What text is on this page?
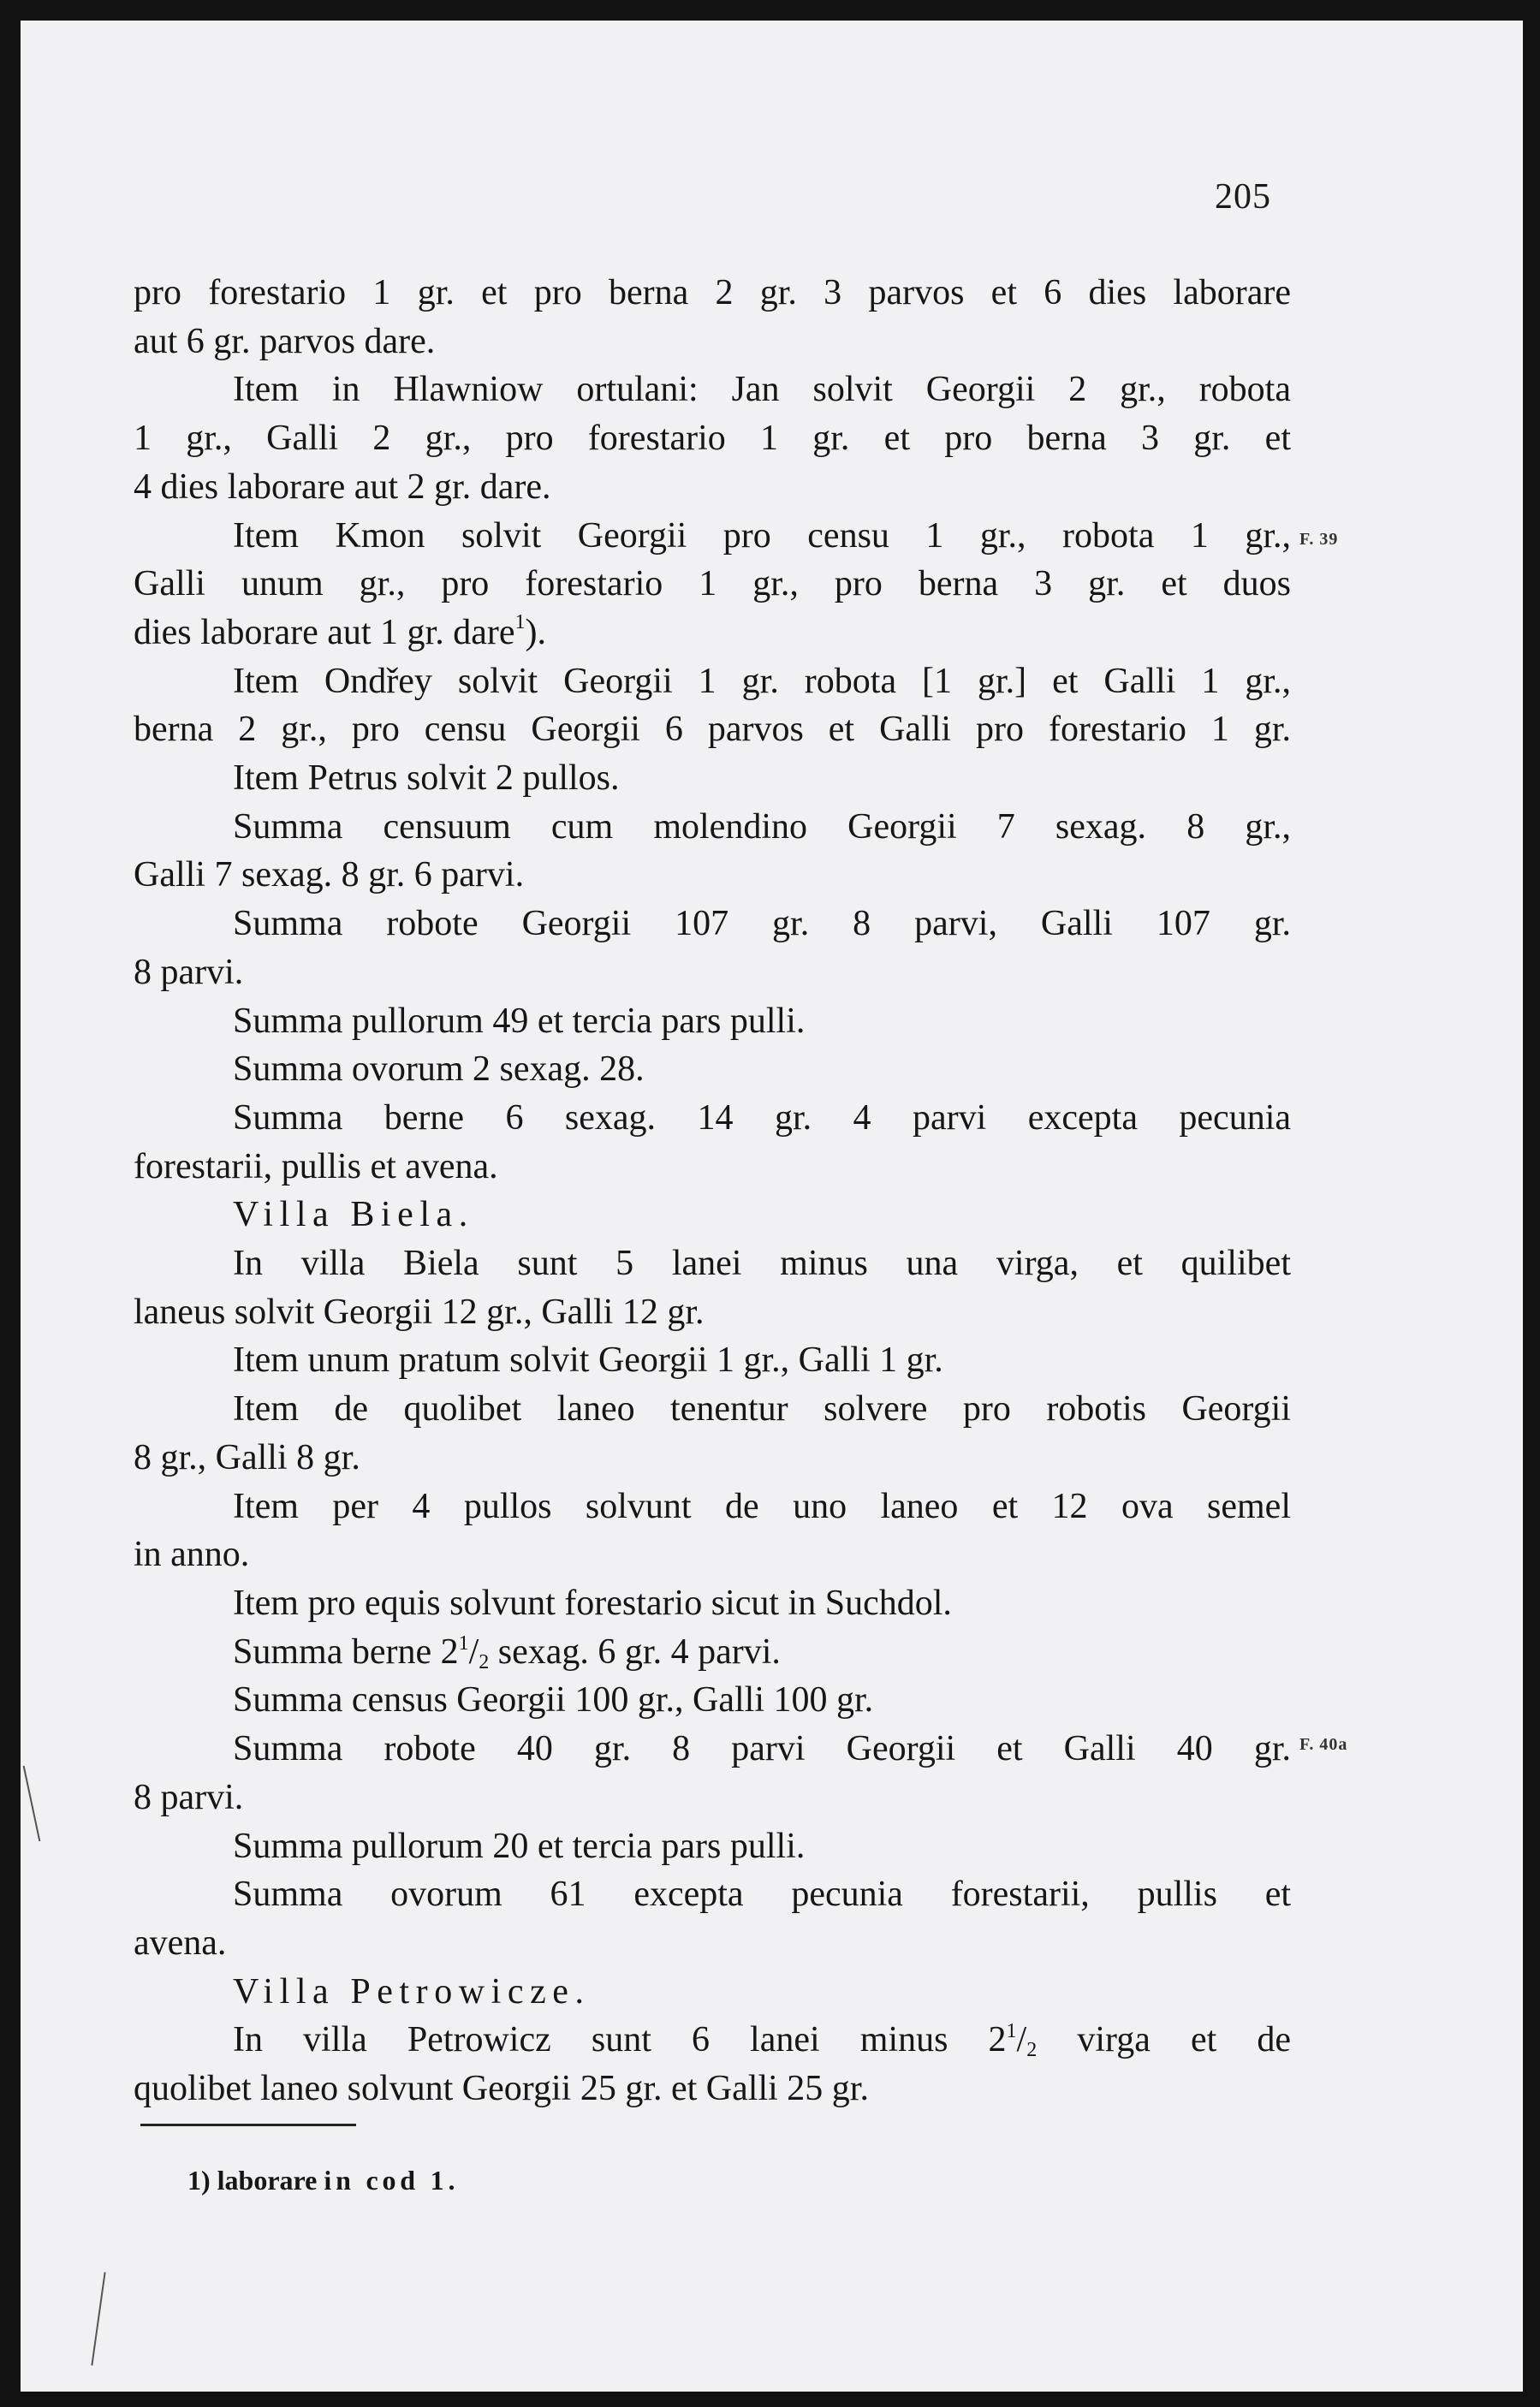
205

pro forestario 1 gr. et pro berna 2 gr. 3 parvos et 6 dies laborare

aut 6 gr. parvos dare.

Item in Hlawniow ortulani: Jan solvit Georgii 2 gr., robota

1 gr., Galli 2 gr., pro forestario 1 gr. et pro berna 3 gr. et

4 dies laborare aut 2 gr. dare.

Item Kmon solvit Georgii pro censu 1 gr., robota 1 gr.,

Galli unum gr., pro forestario 1 gr., pro berna 3 gr. et duos

dies laborare aut 1 gr. dare$^1$).

Item Ondřey solvit Georgii 1 gr. robota [1 gr.] et Galli 1 gr.,

berna 2 gr., pro censu Georgii 6 parvos et Galli pro forestario 1 gr.

Item Petrus solvit 2 pullos.

Summa censuum cum molendino Georgii 7 sexag. 8 gr.,

Galli 7 sexag. 8 gr. 6 parvi.

Summa robote Georgii 107 gr. 8 parvi, Galli 107 gr.

8 parvi.

Summa pullorum 49 et tercia pars pulli.

Summa ovorum 2 sexag. 28.

Summa berne 6 sexag. 14 gr. 4 parvi excepta pecunia

forestarii, pullis et avena.

Villa Biela.

In villa Biela sunt 5 lanei minus una virga, et quilibet

laneus solvit Georgii 12 gr., Galli 12 gr.

Item unum pratum solvit Georgii 1 gr., Galli 1 gr.

Item de quolibet laneo tenentur solvere pro robotis Georgii

8 gr., Galli 8 gr.

Item per 4 pullos solvunt de uno laneo et 12 ova semel

in anno.

Item pro equis solvunt forestario sicut in Suchdol.

Summa berne $2^1/_2$ sexag. 6 gr. 4 parvi.

Summa census Georgii 100 gr., Galli 100 gr.

Summa robote 40 gr. 8 parvi Georgii et Galli 40 gr.

8 parvi.

Summa pullorum 20 et tercia pars pulli.

Summa ovorum 61 excepta pecunia forestarii, pullis et

avena.

Villa Petrowicze.

In villa Petrowicz sunt 6 lanei minus $2^1/_2$ virga et de

quolibet laneo solvunt Georgii 25 gr. et Galli 25 gr.

F. 39
F. 40a
1) laborare in cod 1.
